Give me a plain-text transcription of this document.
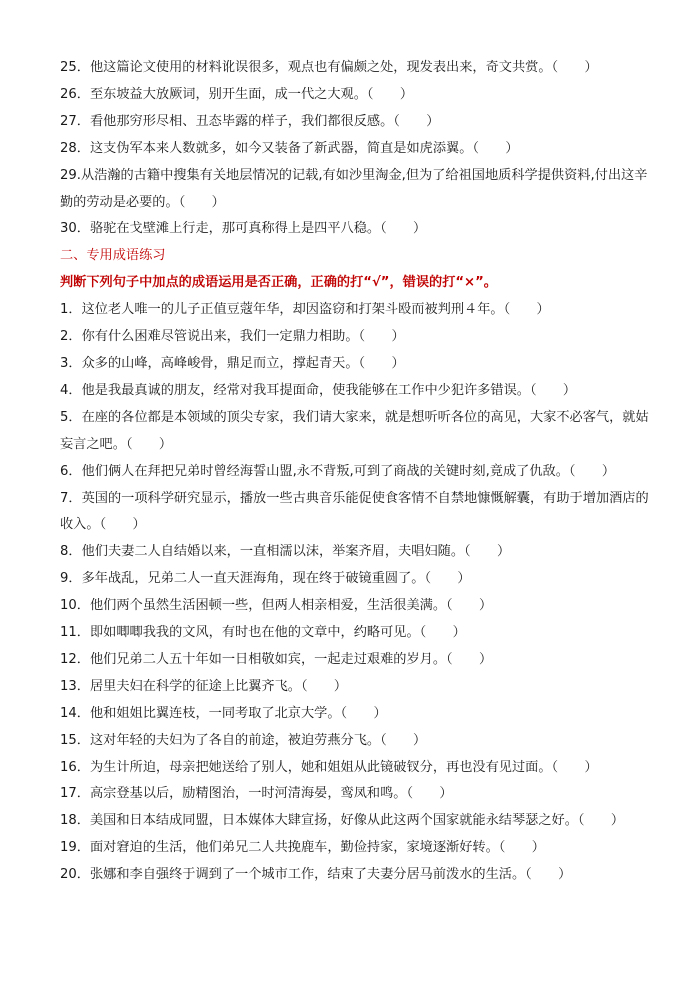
25．他这篇论文使用的材料讹误很多，观点也有偏颇之处，现发表出来，奇文共赏。（　　）
26．至东坡益大放厥词，别开生面，成一代之大观。（　　）
27．看他那穷形尽相、丑态毕露的样子，我们都很反感。（　　）
28．这支伪军本来人数就多，如今又装备了新武器，简直是如虎添翼。（　　）
29.从浩瀚的古籍中搜集有关地层情况的记载,有如沙里淘金,但为了给祖国地质科学提供资料,付出这辛勤的劳动是必要的。（　　）
30．骆驼在戈壁滩上行走，那可真称得上是四平八稳。（　　）
二、专用成语练习
判断下列句子中加点的成语运用是否正确，正确的打“√”，错误的打“×”。
1．这位老人唯一的儿子正值豆蔻年华，却因盗窃和打架斗殴而被判刑４年。（　　）
2．你有什么困难尽管说出来，我们一定鼎力相助。（　　）
3．众多的山峰，高峰峻骨，鼎足而立，撑起青天。（　　）
4．他是我最真诚的朋友，经常对我耳提面命，使我能够在工作中少犯许多错误。（　　）
5．在座的各位都是本领域的顶尖专家，我们请大家来，就是想听听各位的高见，大家不必客气，就姑妄言之吧。（　　）
6．他们俩人在拜把兄弟时曾经海誓山盟,永不背叛,可到了商战的关键时刻,竟成了仇敌。（　　）
7．英国的一项科学研究显示，播放一些古典音乐能促使食客情不自禁地慷慨解囊，有助于增加酒店的收入。（　　）
8．他们夫妻二人自结婚以来，一直相濡以沫，举案齐眉，夫唱妇随。（　　）
9．多年战乱，兄弟二人一直天涯海角，现在终于破镜重圆了。（　　）
10．他们两个虽然生活困顿一些，但两人相亲相爱，生活很美满。（　　）
11．即如唧唧我我的文风，有时也在他的文章中，约略可见。（　　）
12．他们兄弟二人五十年如一日相敬如宾，一起走过艰难的岁月。（　　）
13．居里夫妇在科学的征途上比翼齐飞。（　　）
14．他和姐姐比翼连枝，一同考取了北京大学。（　　）
15．这对年轻的夫妇为了各自的前途，被迫劳燕分飞。（　　）
16．为生计所迫，母亲把她送给了别人，她和姐姐从此镜破钗分，再也没有见过面。（　　）
17．高宗登基以后，励精图治，一时河清海晏，鸾凤和鸣。（　　）
18．美国和日本结成同盟，日本媒体大肆宣扬，好像从此这两个国家就能永结琴瑟之好。（　　）
19．面对窘迫的生活，他们弟兄二人共挽鹿车，勤俭持家，家境逐渐好转。（　　）
20．张娜和李自强终于调到了一个城市工作，结束了夫妻分居马前泼水的生活。（　　）
